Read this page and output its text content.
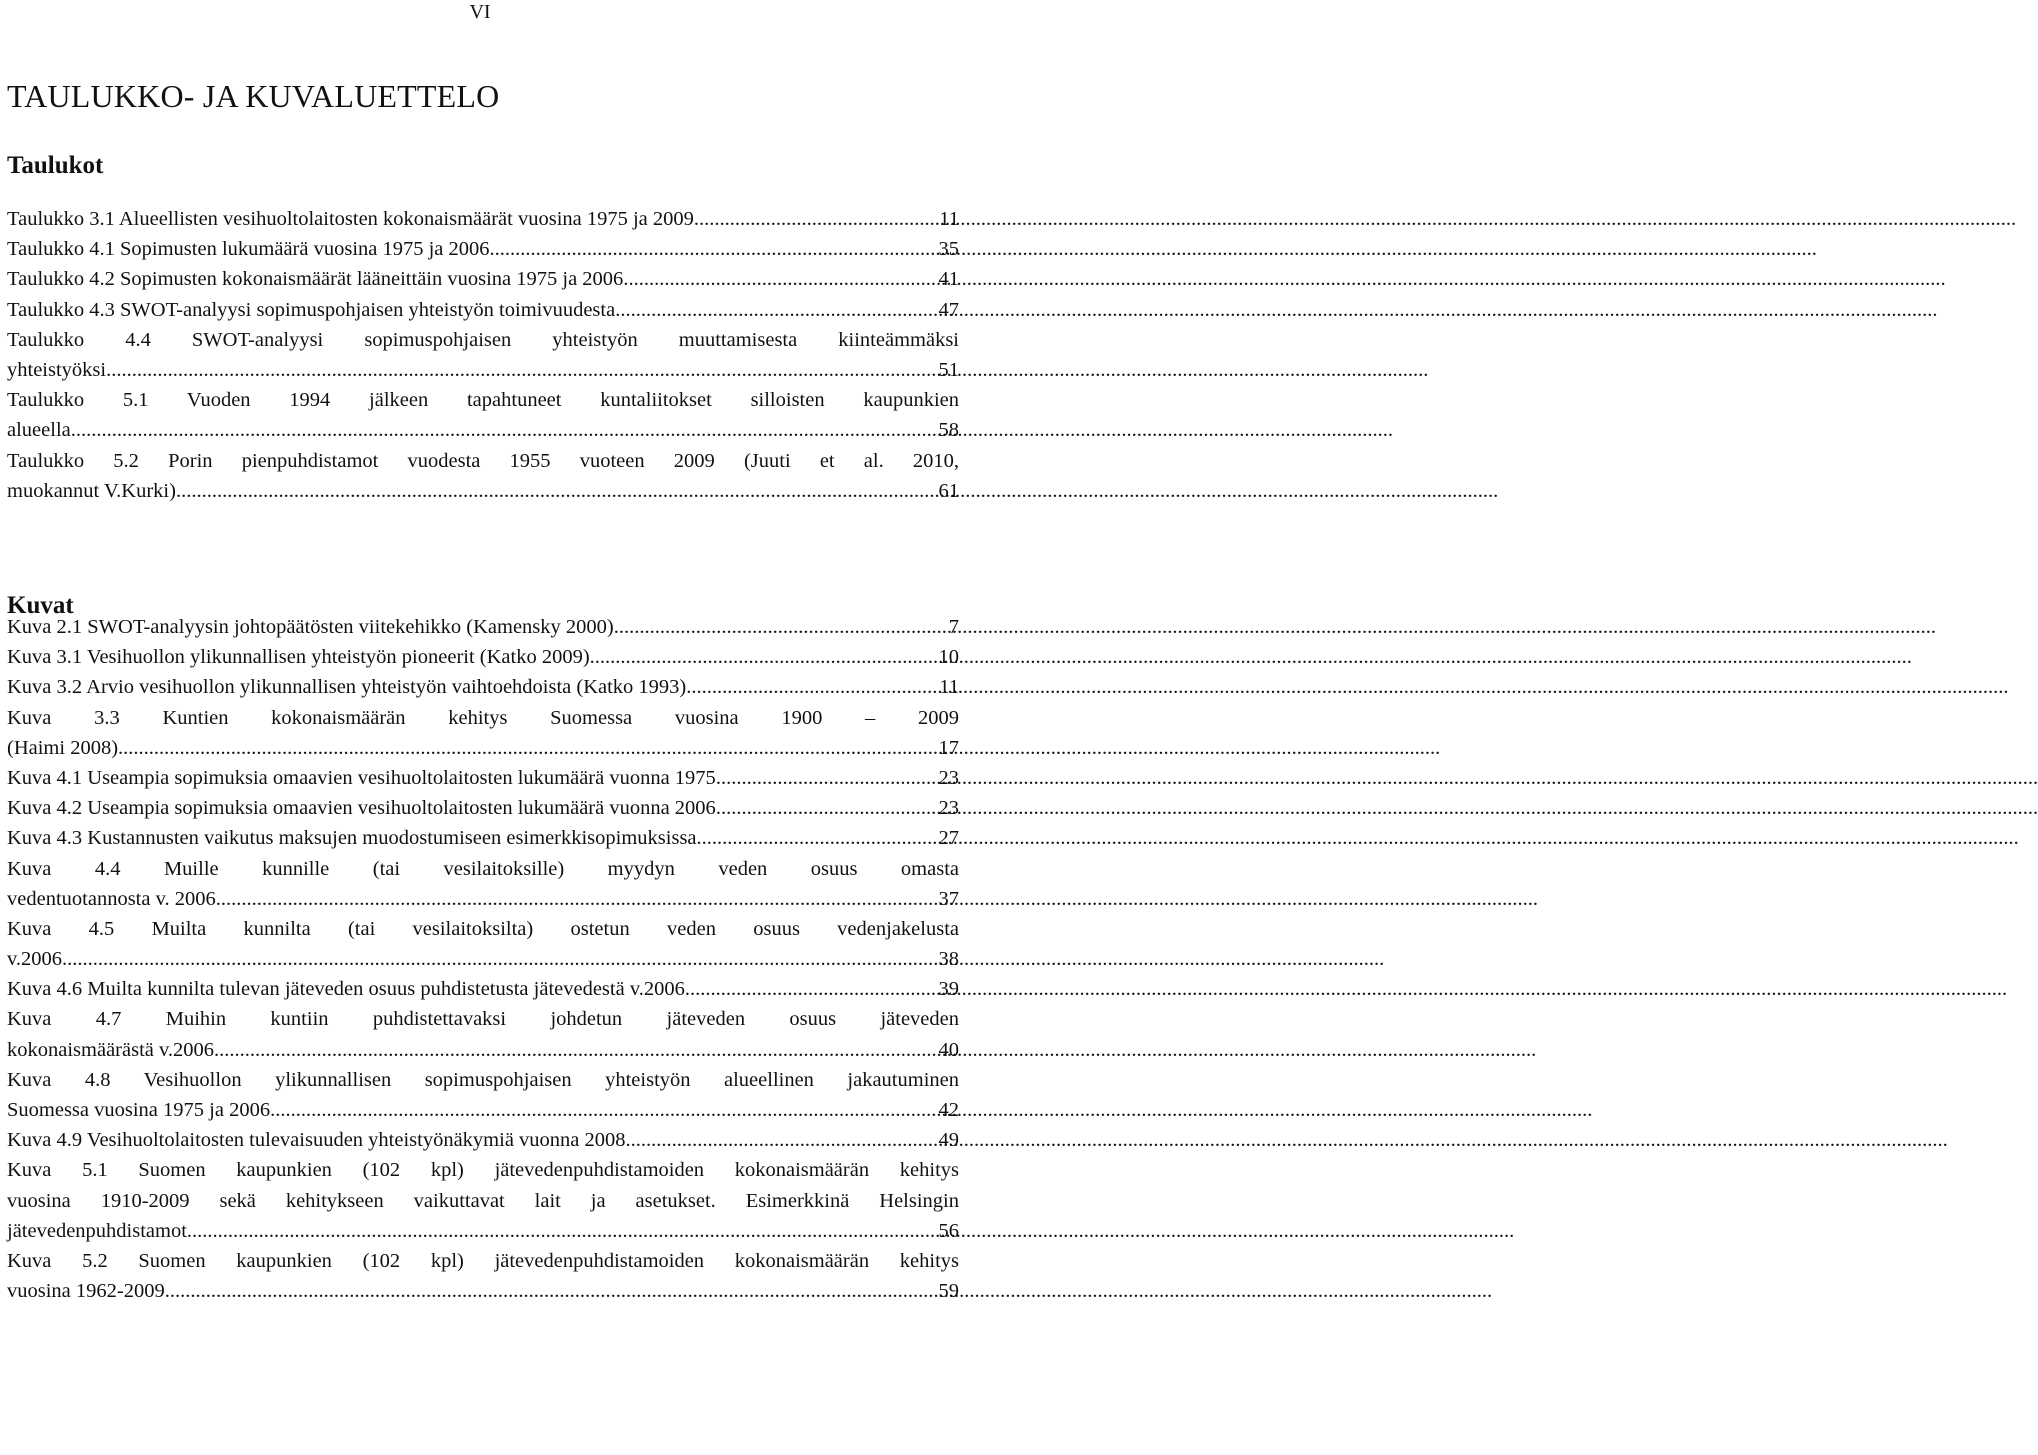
VI
TAULUKKO- JA KUVALUETTELO
Taulukot
Taulukko 3.1 Alueellisten vesihuoltolaitosten kokonaismäärät vuosina 1975 ja 2009 .....	11
Taulukko 4.1 Sopimusten lukumäärä vuosina 1975 ja 2006. .....	35
Taulukko 4.2 Sopimusten kokonaismäärät lääneittäin vuosina 1975 ja 2006 .....	41
Taulukko 4.3 SWOT-analyysi sopimuspohjaisen yhteistyön toimivuudesta .....	47
Taulukko 4.4 SWOT-analyysi sopimuspohjaisen yhteistyön muuttamisesta kiinteämmäksi
yhteistyöksi .....	51
Taulukko 5.1 Vuoden 1994 jälkeen tapahtuneet kuntaliitokset silloisten kaupunkien
alueella .....	58
Taulukko 5.2 Porin pienpuhdistamot vuodesta 1955 vuoteen 2009 (Juuti et al. 2010,
muokannut V.Kurki) .....	61
Kuvat
Kuva 2.1 SWOT-analyysin johtopäätösten viitekehikko (Kamensky 2000) .....	7
Kuva 3.1 Vesihuollon ylikunnallisen yhteistyön pioneerit (Katko 2009) .....	10
Kuva 3.2 Arvio vesihuollon ylikunnallisen yhteistyön vaihtoehdoista (Katko 1993) .....	11
Kuva 3.3 Kuntien kokonaismäärän kehitys Suomessa vuosina 1900 – 2009
(Haimi 2008) .....	17
Kuva 4.1 Useampia sopimuksia omaavien vesihuoltolaitosten lukumäärä vuonna 1975 .....	23
Kuva 4.2 Useampia sopimuksia omaavien vesihuoltolaitosten lukumäärä vuonna 2006 .....	23
Kuva 4.3 Kustannusten vaikutus maksujen muodostumiseen esimerkkisopimuksissa .....	27
Kuva 4.4 Muille kunnille (tai vesilaitoksille) myydyn veden osuus omasta
vedentuotannosta v. 2006 .....	37
Kuva 4.5 Muilta kunnilta (tai vesilaitoksilta) ostetun veden osuus vedenjakelusta
v.2006 .....	38
Kuva 4.6 Muilta kunnilta tulevan jäteveden osuus puhdistetusta jätevedestä v.2006 .....	39
Kuva 4.7 Muihin kuntiin puhdistettavaksi johdetun jäteveden osuus jäteveden
kokonaismäärästä v.2006 .....	40
Kuva 4.8 Vesihuollon ylikunnallisen sopimuspohjaisen yhteistyön alueellinen jakautuminen
Suomessa vuosina 1975 ja 2006 .....	42
Kuva 4.9 Vesihuoltolaitosten tulevaisuuden yhteistyönäkymiä vuonna 2008 .....	49
Kuva 5.1 Suomen kaupunkien (102 kpl) jätevedenpuhdistamoiden kokonaismäärän kehitys
vuosina 1910-2009 sekä kehitykseen vaikuttavat lait ja asetukset. Esimerkkinä Helsingin
jätevedenpuhdistamot. .....	56
Kuva 5.2 Suomen kaupunkien (102 kpl) jätevedenpuhdistamoiden kokonaismäärän kehitys
vuosina 1962-2009. .....	59
